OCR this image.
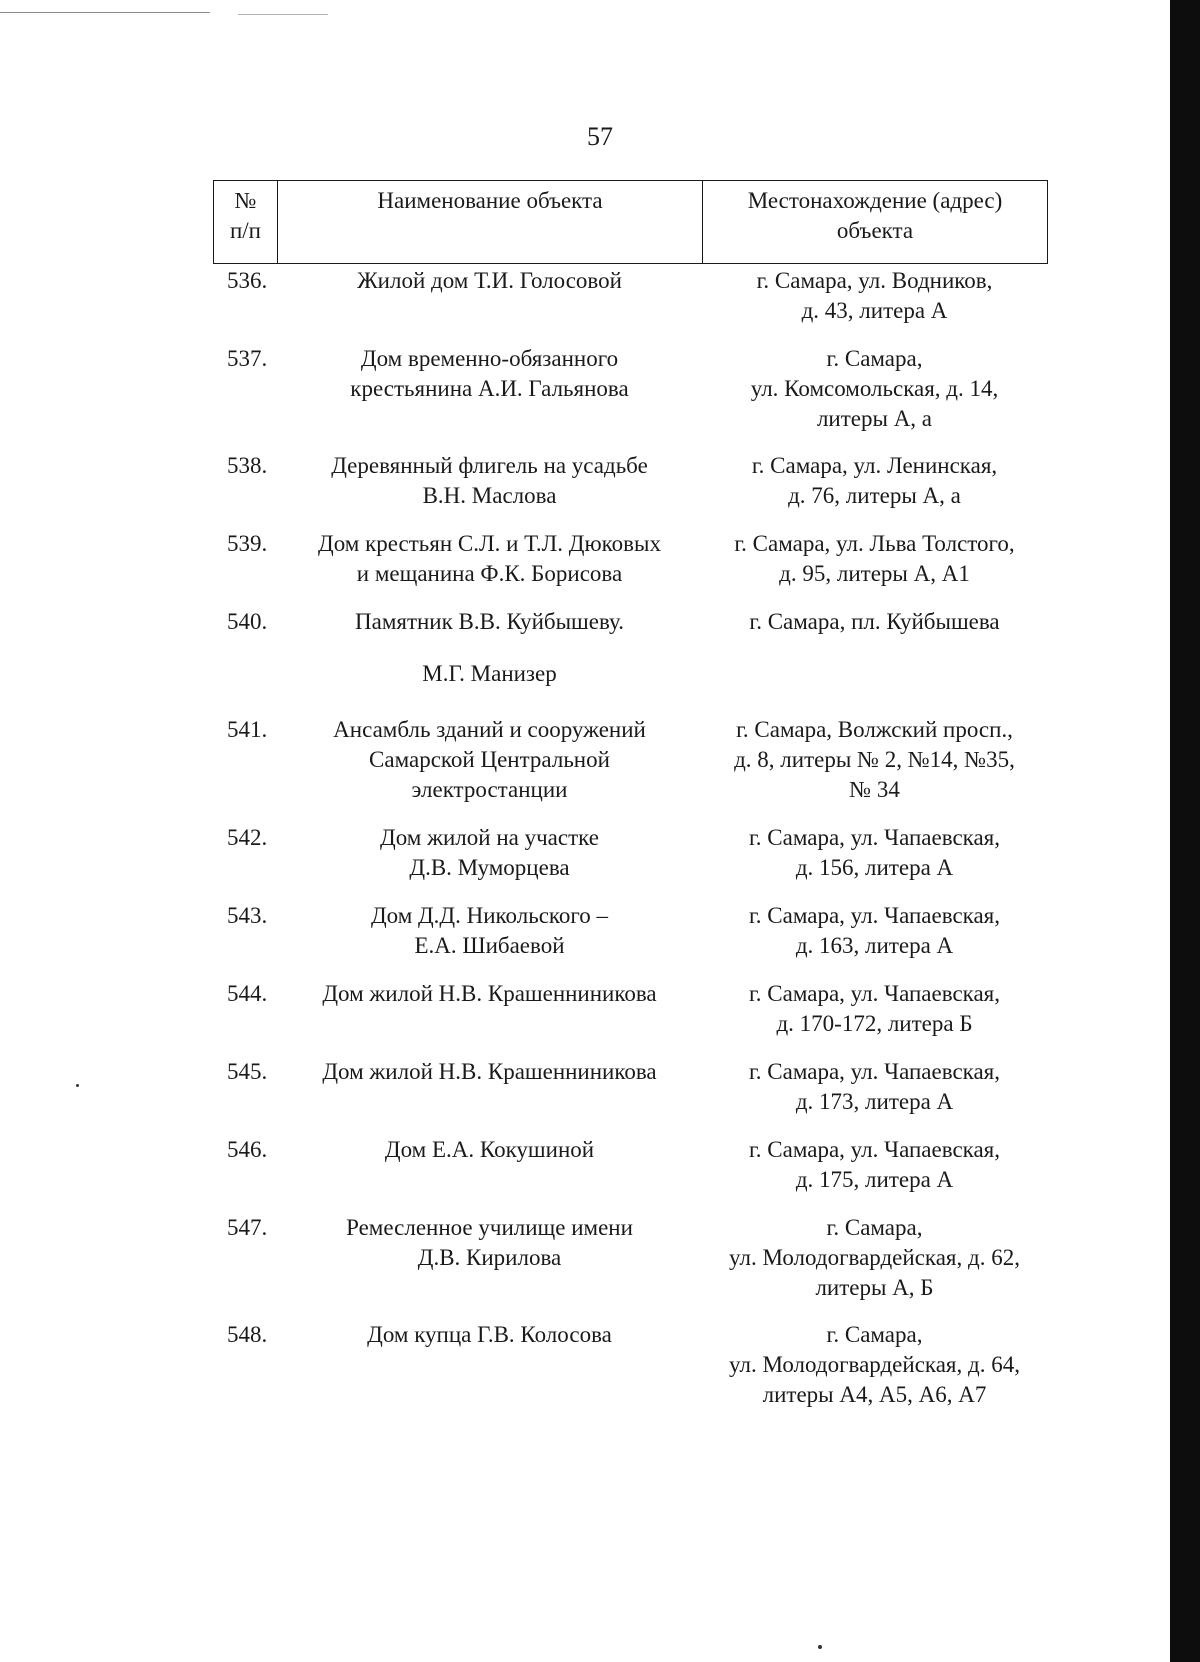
57
№
п/п

Наименование объекта	Местонахождение (адрес)
объекта
536.	Жилой дом Т.И. Голосовой	г. Самара, ул. Водников,
д. 43, литера А

537.	Дом временно-обязанного
крестьянина А.И. Гальянова	г. Самара,
ул. Комсомольская, д. 14,
литеры А, а

538.	Деревянный флигель на усадьбе
В.Н. Маслова	г. Самара, ул. Ленинская,
д. 76, литеры А, а

539.	Дом крестьян С.Л. и Т.Л. Дюковых
и мещанина Ф.К. Борисова	г. Самара, ул. Льва Толстого,
д. 95, литеры А, А1

540.	Памятник В.В. Куйбышеву.
М.Г. Манизер	г. Самара, пл. Куйбышева

541.	Ансамбль зданий и сооружений
Самарской Центральной
электростанции	г. Самара, Волжский просп.,
д. 8, литеры № 2, №14, №35,
№ 34

542.	Дом жилой на участке
Д.В. Муморцева	г. Самара, ул. Чапаевская,
д. 156, литера А

543.	Дом Д.Д. Никольского –
Е.А. Шибаевой	г. Самара, ул. Чапаевская,
д. 163, литера А

544.	Дом жилой Н.В. Крашенниникова	г. Самара, ул. Чапаевская,
д. 170-172, литера Б

545.	Дом жилой Н.В. Крашенниникова	г. Самара, ул. Чапаевская,
д. 173, литера А

546.	Дом Е.А. Кокушиной	г. Самара, ул. Чапаевская,
д. 175, литера А

547.	Ремесленное училище имени
Д.В. Кирилова	г. Самара,
ул. Молодогвардейская, д. 62,
литеры А, Б

548.	Дом купца Г.В. Колосова	г. Самара,
ул. Молодогвардейская, д. 64,
литеры А4, А5, А6, А7
